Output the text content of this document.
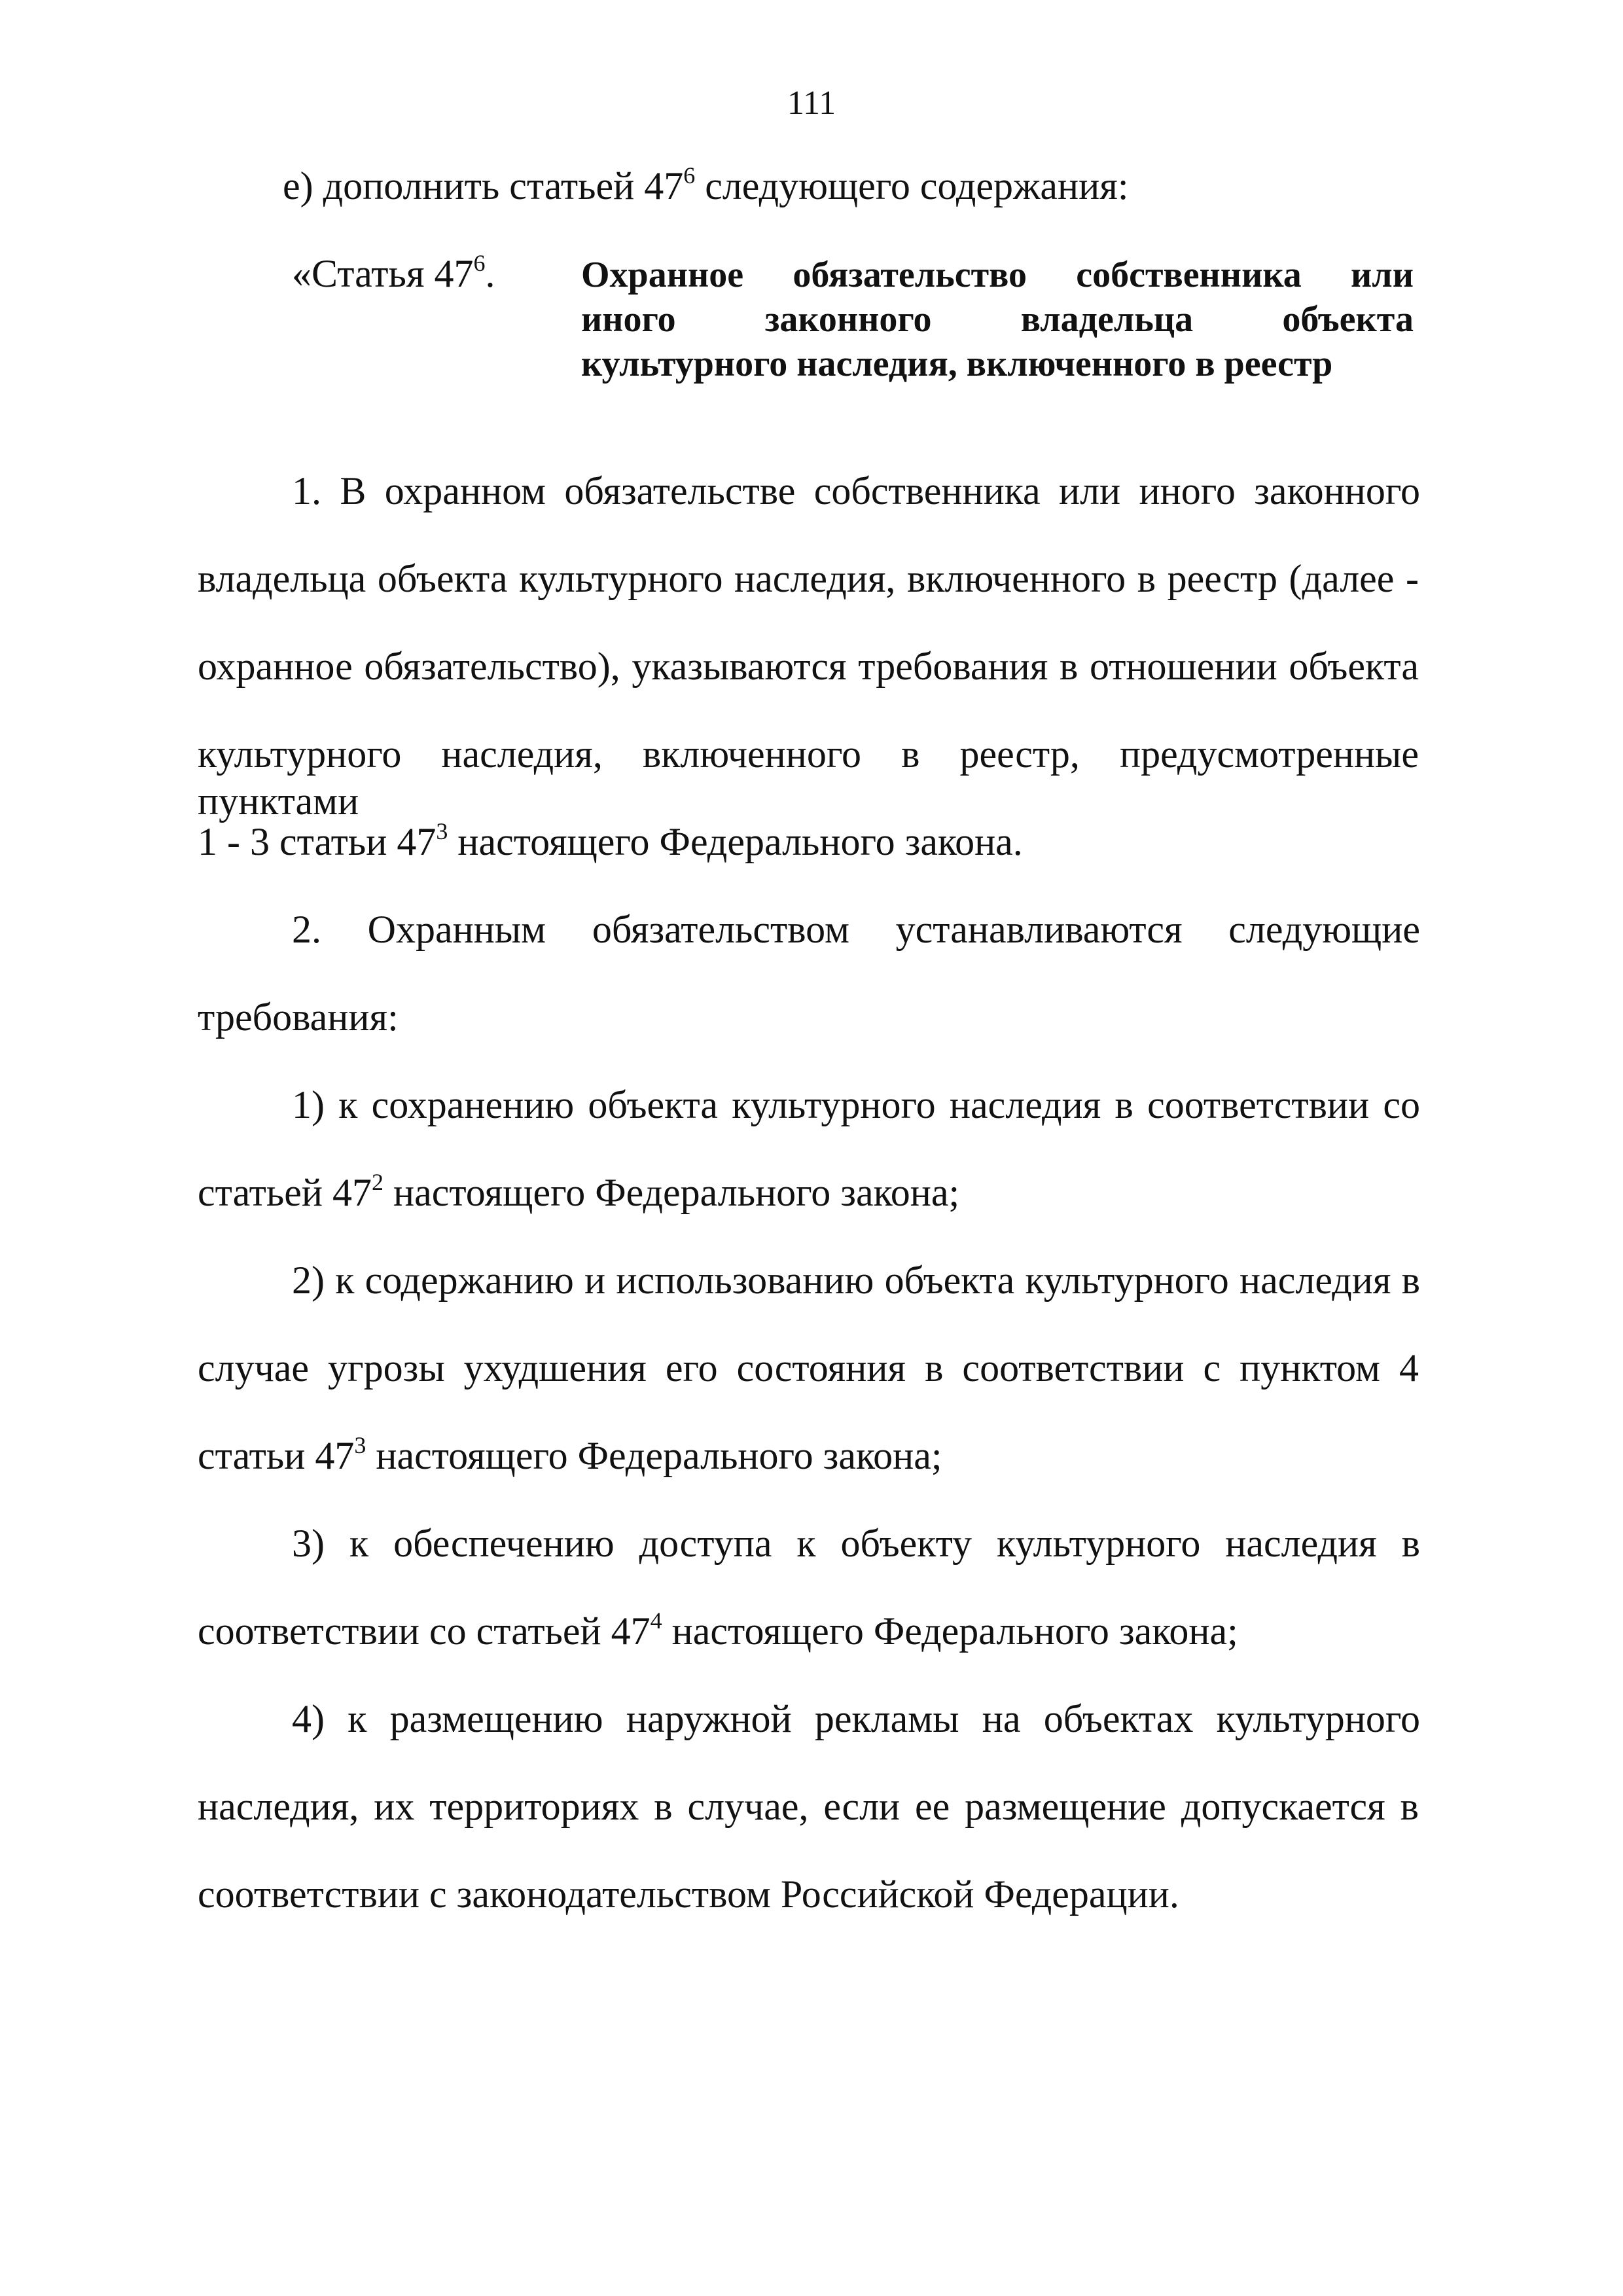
111
е) дополнить статьей $47^6$ следующего содержания:
«Статья $47^6$. Охранное обязательство собственника или
иного законного владельца объекта
культурного наследия, включенного в реестр
1. В охранном обязательстве собственника или иного законного
владельца объекта культурного наследия, включенного в реестр (далее -
охранное обязательство), указываются требования в отношении объекта
культурного наследия, включенного в реестр, предусмотренные пунктами
1 - 3 статьи $47^3$ настоящего Федерального закона.
2. Охранным обязательством устанавливаются следующие
требования:
1) к сохранению объекта культурного наследия в соответствии со
статьей $47^2$ настоящего Федерального закона;
2) к содержанию и использованию объекта культурного наследия в
случае угрозы ухудшения его состояния в соответствии с пунктом 4
статьи $47^3$ настоящего Федерального закона;
3) к обеспечению доступа к объекту культурного наследия в
соответствии со статьей $47^4$ настоящего Федерального закона;
4) к размещению наружной рекламы на объектах культурного
наследия, их территориях в случае, если ее размещение допускается в
соответствии с законодательством Российской Федерации.
